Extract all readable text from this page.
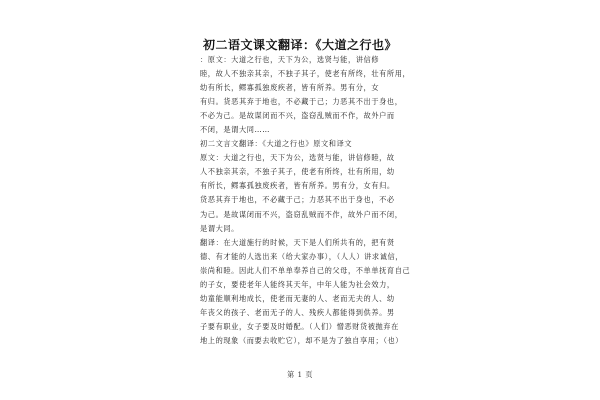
初二语文课文翻译：《大道之行也》
：原文：大道之行也，天下为公，选贤与能，讲信修
睦，故人不独亲其亲，不独子其子，使老有所终，壮有所用，
幼有所长，鳏寡孤独废疾者，皆有所养。男有分，女
有归。货恶其弃于地也，不必藏于己；力恶其不出于身也，
不必为己。是故谋闭而不兴，盗窃乱贼而不作，故外户而
不闭，是谓大同……
初二文言文翻译：《大道之行也》原文和译文
原文：大道之行也，天下为公，选贤与能，讲信修睦，故
人不独亲其亲，不独子其子，使老有所终，壮有所用，幼
有所长，鳏寡孤独废疾者，皆有所养。男有分，女有归。
货恶其弃于地也，不必藏于己；力恶其不出于身也，不必
为己。是故谋闭而不兴，盗窃乱贼而不作，故外户而不闭，
是谓大同。
翻译：在大道施行的时候，天下是人们所共有的，把有贤
德、有才能的人选出来（给大家办事），（人人）讲求诚信，
崇尚和睦。因此人们不单单奉养自己的父母，不单单抚育自己
的子女，要使老年人能终其天年，中年人能为社会效力，
幼童能顺利地成长，使老而无妻的人、老而无夫的人、幼
年丧父的孩子、老而无子的人、残疾人都能得到供养。男
子要有职业，女子要及时婚配。（人们）憎恶财货被抛弃在
地上的现象（而要去收贮它），却不是为了独自享用；（也）
第 1 页
